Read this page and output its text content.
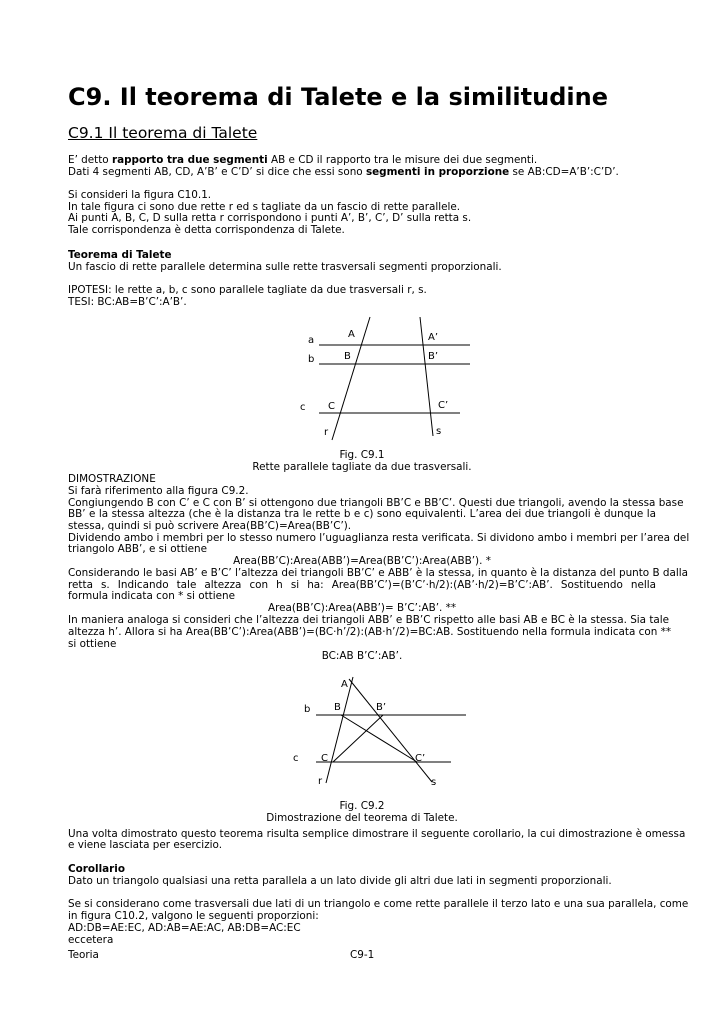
C9. Il teorema di Talete e la similitudine
C9.1 Il teorema di Talete
E’ detto rapporto tra due segmenti AB e CD il rapporto tra le misure dei due segmenti.
Dati 4 segmenti AB, CD, A’B’ e C’D’ si dice che essi sono segmenti in proporzione se AB:CD=A’B’:C’D’.
Si consideri la figura C10.1.
In tale figura ci sono due rette r ed s tagliate da un fascio di rette parallele.
Ai punti A, B, C, D sulla retta r corrispondono i punti A’, B’, C’, D’ sulla retta s.
Tale corrispondenza è detta corrispondenza di Talete.
Teorema di Talete
Un fascio di rette parallele determina sulle rette trasversali segmenti proporzionali.
IPOTESI: le rette a, b, c sono parallele tagliate da due trasversali r, s.
TESI: BC:AB=B’C’:A’B’.
a
b
c
A
B
C
A’
B’
C’
r	s
Fig. C9.1
Rette parallele tagliate da due trasversali.
DIMOSTRAZIONE
Si farà riferimento alla figura C9.2.
Congiungendo B con C’ e C con B’ si ottengono due triangoli BB’C e BB’C’. Questi due triangoli, avendo la stessa base
BB’ e la stessa altezza (che è la distanza tra le rette b e c) sono equivalenti. L’area dei due triangoli è dunque la
stessa, quindi si può scrivere Area(BB’C)=Area(BB’C’).
Dividendo ambo i membri per lo stesso numero l’uguaglianza resta verificata. Si dividono ambo i membri per l’area del
triangolo ABB’, e si ottiene
Area(BB’C):Area(ABB’)=Area(BB’C’):Area(ABB’). *
Considerando le basi AB’ e B’C’ l’altezza dei triangoli BB’C’ e ABB’ è la stessa, in quanto è la distanza del punto B dalla
retta s. Indicando tale altezza con h si ha: Area(BB’C’)=(B’C’·h/2):(AB’·h/2)=B’C’:AB’. Sostituendo nella
formula indicata con * si ottiene
Area(BB’C):Area(ABB’)= B’C’:AB’. **
In maniera analoga si consideri che l’altezza dei triangoli ABB’ e BB’C rispetto alle basi AB e BC è la stessa. Sia tale
altezza h’. Allora si ha Area(BB’C’):Area(ABB’)=(BC·h’/2):(AB·h’/2)=BC:AB. Sostituendo nella formula indicata con **
si ottiene
BC:AB B’C’:AB’.
A
B	B’
b
c C	C’
r	s
Fig. C9.2
Dimostrazione del teorema di Talete.
Una volta dimostrato questo teorema risulta semplice dimostrare il seguente corollario, la cui dimostrazione è omessa
e viene lasciata per esercizio.
Corollario
Dato un triangolo qualsiasi una retta parallela a un lato divide gli altri due lati in segmenti proporzionali.
Se si considerano come trasversali due lati di un triangolo e come rette parallele il terzo lato e una sua parallela, come
in figura C10.2, valgono le seguenti proporzioni:
AD:DB=AE:EC, AD:AB=AE:AC, AB:DB=AC:EC
eccetera
Teoria	C9-1
